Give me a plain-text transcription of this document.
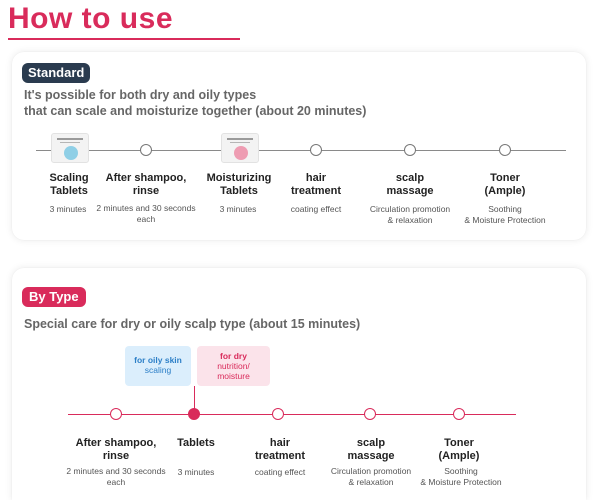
How to use
Standard
It's possible for both dry and oily types
that can scale and moisturize together (about 20 minutes)
Scaling
Tablets
3 minutes
After shampoo,
rinse
2 minutes and 30 seconds
each
Moisturizing
Tablets
3 minutes
hair
treatment
coating effect
scalp
massage
Circulation promotion
& relaxation
Toner
(Ample)
Soothing
& Moisture Protection
By Type
Special care for dry or oily scalp type (about 15 minutes)
for oily skin
scaling
for dry
nutrition/
moisture
After shampoo,
rinse
2 minutes and 30 seconds
each
Tablets
3 minutes
hair
treatment
coating effect
scalp
massage
Circulation promotion
& relaxation
Toner
(Ample)
Soothing
& Moisture Protection
